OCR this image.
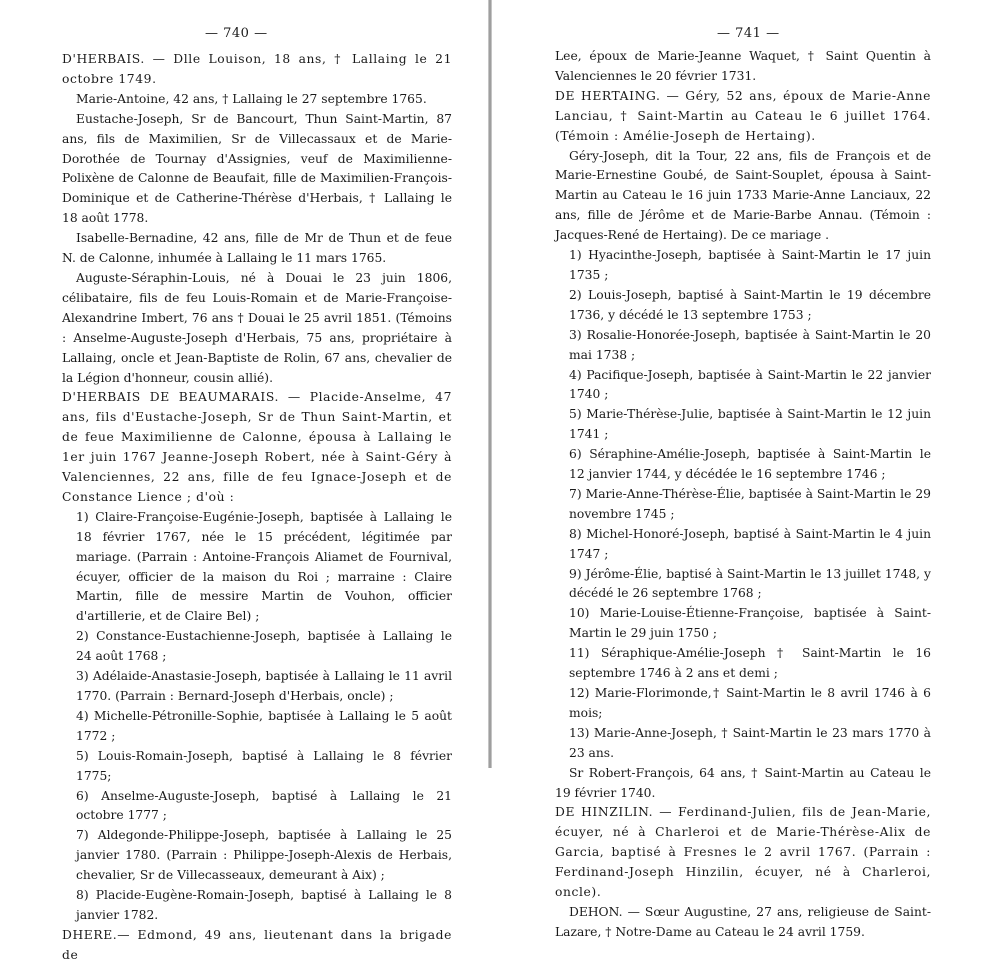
— 740 —

D'HERBAIS. — Dlle Louison, 18 ans, † Lallaing le 21 octobre 1749.

Marie-Antoine, 42 ans, † Lallaing le 27 septembre 1765.

Eustache-Joseph, Sr de Bancourt, Thun Saint-Martin, 87 ans, fils de Maximilien, Sr de Villecassaux et de Marie-Dorothée de Tournay d'Assignies, veuf de Maximilienne-Polixène de Calonne de Beaufait, fille de Maximilien-François-Dominique et de Catherine-Thérèse d'Herbais, † Lallaing le 18 août 1778.

Isabelle-Bernadine, 42 ans, fille de Mr de Thun et de feue N. de Calonne, inhumée à Lallaing le 11 mars 1765.

Auguste-Séraphin-Louis, né à Douai le 23 juin 1806, célibataire, fils de feu Louis-Romain et de Marie-Françoise-Alexandrine Imbert, 76 ans † Douai le 25 avril 1851. (Témoins : Anselme-Auguste-Joseph d'Herbais, 75 ans, propriétaire à Lallaing, oncle et Jean-Baptiste de Rolin, 67 ans, chevalier de la Légion d'honneur, cousin allié).

D'HERBAIS DE BEAUMARAIS. — Placide-Anselme, 47 ans, fils d'Eustache-Joseph, Sr de Thun Saint-Martin, et de feue Maximilienne de Calonne, épousa à Lallaing le 1er juin 1767 Jeanne-Joseph Robert, née à Saint-Géry à Valenciennes, 22 ans, fille de feu Ignace-Joseph et de Constance Lience ; d'où :

1) Claire-Françoise-Eugénie-Joseph, baptisée à Lallaing le 18 février 1767, née le 15 précédent, légitimée par mariage. (Parrain : Antoine-François Aliamet de Fournival, écuyer, officier de la maison du Roi ; marraine : Claire Martin, fille de messire Martin de Vouhon, officier d'artillerie, et de Claire Bel) ;

2) Constance-Eustachienne-Joseph, baptisée à Lallaing le 24 août 1768 ;

3) Adélaide-Anastasie-Joseph, baptisée à Lallaing le 11 avril 1770. (Parrain : Bernard-Joseph d'Herbais, oncle) ;

4) Michelle-Pétronille-Sophie, baptisée à Lallaing le 5 août 1772 ;

5) Louis-Romain-Joseph, baptisé à Lallaing le 8 février 1775;

6) Anselme-Auguste-Joseph, baptisé à Lallaing le 21 octobre 1777 ;

7) Aldegonde-Philippe-Joseph, baptisée à Lallaing le 25 janvier 1780. (Parrain : Philippe-Joseph-Alexis de Herbais, chevalier, Sr de Villecasseaux, demeurant à Aix) ;

8) Placide-Eugène-Romain-Joseph, baptisé à Lallaing le 8 janvier 1782.

DHERE.— Edmond, 49 ans, lieutenant dans la brigade de

— 741 —

Lee, époux de Marie-Jeanne Waquet, † Saint Quentin à Valenciennes le 20 février 1731.

DE HERTAING. — Géry, 52 ans, époux de Marie-Anne Lanciau, † Saint-Martin au Cateau le 6 juillet 1764. (Témoin : Amélie-Joseph de Hertaing).

Géry-Joseph, dit la Tour, 22 ans, fils de François et de Marie-Ernestine Goubé, de Saint-Souplet, épousa à Saint-Martin au Cateau le 16 juin 1733 Marie-Anne Lanciaux, 22 ans, fille de Jérôme et de Marie-Barbe Annau. (Témoin : Jacques-René de Hertaing). De ce mariage .

1) Hyacinthe-Joseph, baptisée à Saint-Martin le 17 juin 1735 ;

2) Louis-Joseph, baptisé à Saint-Martin le 19 décembre 1736, y décédé le 13 septembre 1753 ;

3) Rosalie-Honorée-Joseph, baptisée à Saint-Martin le 20 mai 1738 ;

4) Pacifique-Joseph, baptisée à Saint-Martin le 22 janvier 1740 ;

5) Marie-Thérèse-Julie, baptisée à Saint-Martin le 12 juin 1741 ;

6) Séraphine-Amélie-Joseph, baptisée à Saint-Martin le 12 janvier 1744, y décédée le 16 septembre 1746 ;

7) Marie-Anne-Thérèse-Élie, baptisée à Saint-Martin le 29 novembre 1745 ;

8) Michel-Honoré-Joseph, baptisé à Saint-Martin le 4 juin 1747 ;

9) Jérôme-Élie, baptisé à Saint-Martin le 13 juillet 1748, y décédé le 26 septembre 1768 ;

10) Marie-Louise-Étienne-Françoise, baptisée à Saint-Martin le 29 juin 1750 ;

11) Séraphique-Amélie-Joseph † Saint-Martin le 16 septembre 1746 à 2 ans et demi ;

12) Marie-Florimonde,† Saint-Martin le 8 avril 1746 à 6 mois;

13) Marie-Anne-Joseph, † Saint-Martin le 23 mars 1770 à 23 ans.

Sr Robert-François, 64 ans, † Saint-Martin au Cateau le 19 février 1740.

DE HINZILIN. — Ferdinand-Julien, fils de Jean-Marie, écuyer, né à Charleroi et de Marie-Thérèse-Alix de Garcia, baptisé à Fresnes le 2 avril 1767. (Parrain : Ferdinand-Joseph Hinzilin, écuyer, né à Charleroi, oncle).

DEHON. — Sœur Augustine, 27 ans, religieuse de Saint-Lazare, † Notre-Dame au Cateau le 24 avril 1759.
